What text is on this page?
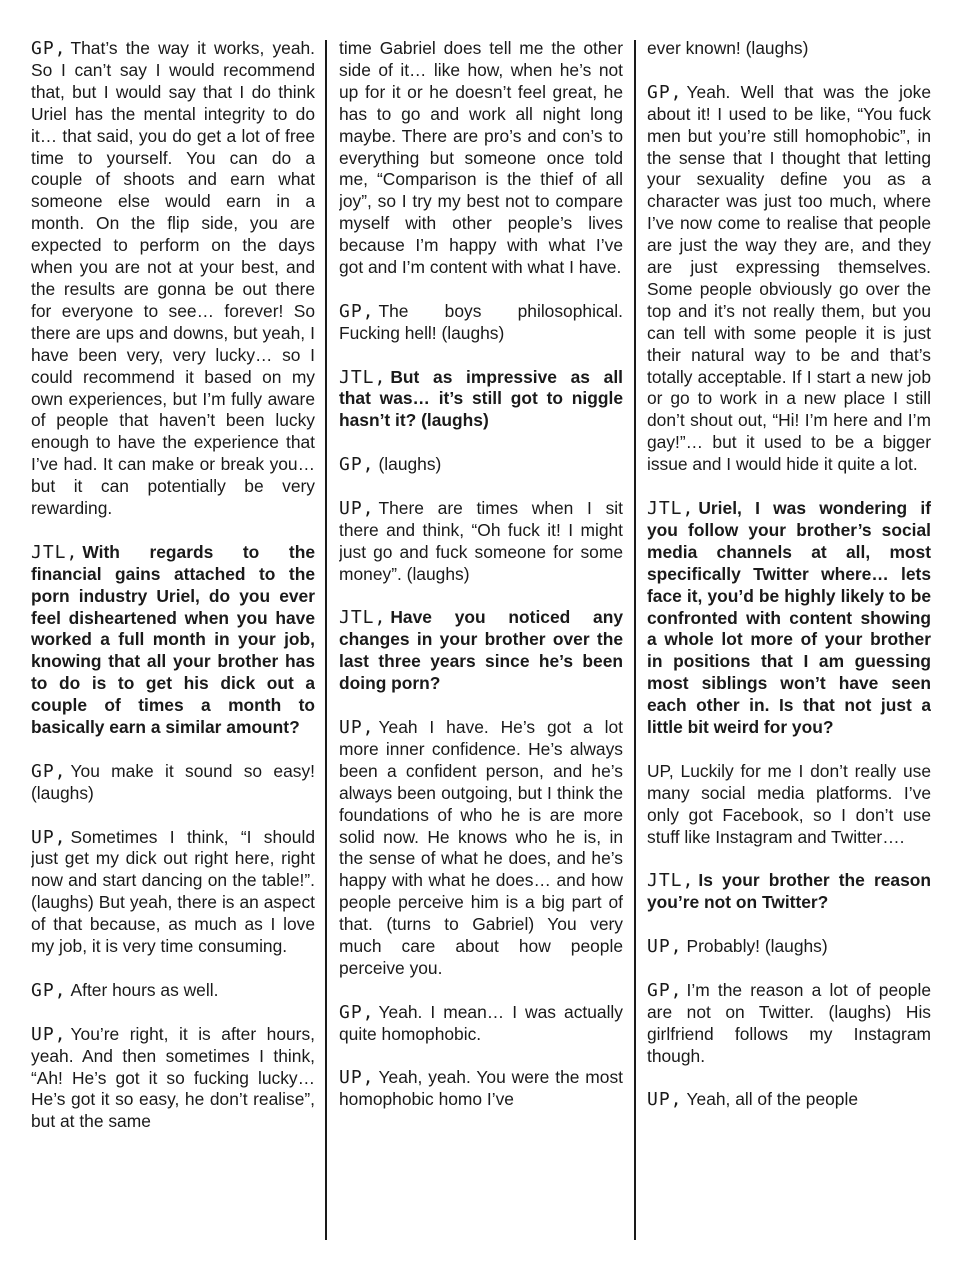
GP, That’s the way it works, yeah. So I can’t say I would recommend that, but I would say that I do think Uriel has the mental integrity to do it… that said, you do get a lot of free time to yourself. You can do a couple of shoots and earn what someone else would earn in a month. On the flip side, you are expected to perform on the days when you are not at your best, and the results are gonna be out there for everyone to see… forever! So there are ups and downs, but yeah, I have been very, very lucky… so I could recommend it based on my own experiences, but I’m fully aware of people that haven’t been lucky enough to have the experience that I’ve had. It can make or break you… but it can potentially be very rewarding.

JTL, With regards to the financial gains attached to the porn industry Uriel, do you ever feel disheartened when you have worked a full month in your job, knowing that all your brother has to do is to get his dick out a couple of times a month to basically earn a similar amount?

GP, You make it sound so easy! (laughs)

UP, Sometimes I think, “I should just get my dick out right here, right now and start dancing on the table!”. (laughs) But yeah, there is an aspect of that because, as much as I love my job, it is very time consuming.

GP, After hours as well.

UP, You’re right, it is after hours, yeah. And then sometimes I think, “Ah! He’s got it so fucking lucky… He’s got it so easy, he don’t realise”, but at the same

time Gabriel does tell me the other side of it… like how, when he’s not up for it or he doesn’t feel great, he has to go and work all night long maybe. There are pro’s and con’s to everything but someone once told me, “Comparison is the thief of all joy”, so I try my best not to compare myself with other people’s lives because I’m happy with what I’ve got and I’m content with what I have.

GP, The boys philosophical. Fucking hell! (laughs)

JTL, But as impressive as all that was… it’s still got to niggle hasn’t it? (laughs)

GP, (laughs)

UP, There are times when I sit there and think, “Oh fuck it! I might just go and fuck someone for some money”. (laughs)

JTL, Have you noticed any changes in your brother over the last three years since he’s been doing porn?

UP, Yeah I have. He’s got a lot more inner confidence. He’s always been a confident person, and he’s always been outgoing, but I think the foundations of who he is are more solid now. He knows who he is, in the sense of what he does, and he’s happy with what he does… and how people perceive him is a big part of that. (turns to Gabriel) You very much care about how people perceive you.

GP, Yeah. I mean… I was actually quite homophobic.

UP, Yeah, yeah. You were the most homophobic homo I’ve

ever known! (laughs)

GP, Yeah. Well that was the joke about it! I used to be like, “You fuck men but you’re still homophobic”, in the sense that I thought that letting your sexuality define you as a character was just too much, where I’ve now come to realise that people are just the way they are, and they are just expressing themselves. Some people obviously go over the top and it’s not really them, but you can tell with some people it is just their natural way to be and that’s totally acceptable. If I start a new job or go to work in a new place I still don’t shout out, “Hi! I’m here and I’m gay!”… but it used to be a bigger issue and I would hide it quite a lot.

JTL, Uriel, I was wondering if you follow your brother’s social media channels at all, most specifically Twitter where… lets face it, you’d be highly likely to be confronted with content showing a whole lot more of your brother in positions that I am guessing most siblings won’t have seen each other in. Is that not just a little bit weird for you?

UP, Luckily for me I don’t really use many social media platforms. I’ve only got Facebook, so I don’t use stuff like Instagram and Twitter….

JTL, Is your brother the reason you’re not on Twitter?

UP, Probably! (laughs)

GP, I’m the reason a lot of people are not on Twitter. (laughs) His girlfriend follows my Instagram though.

UP, Yeah, all of the people
